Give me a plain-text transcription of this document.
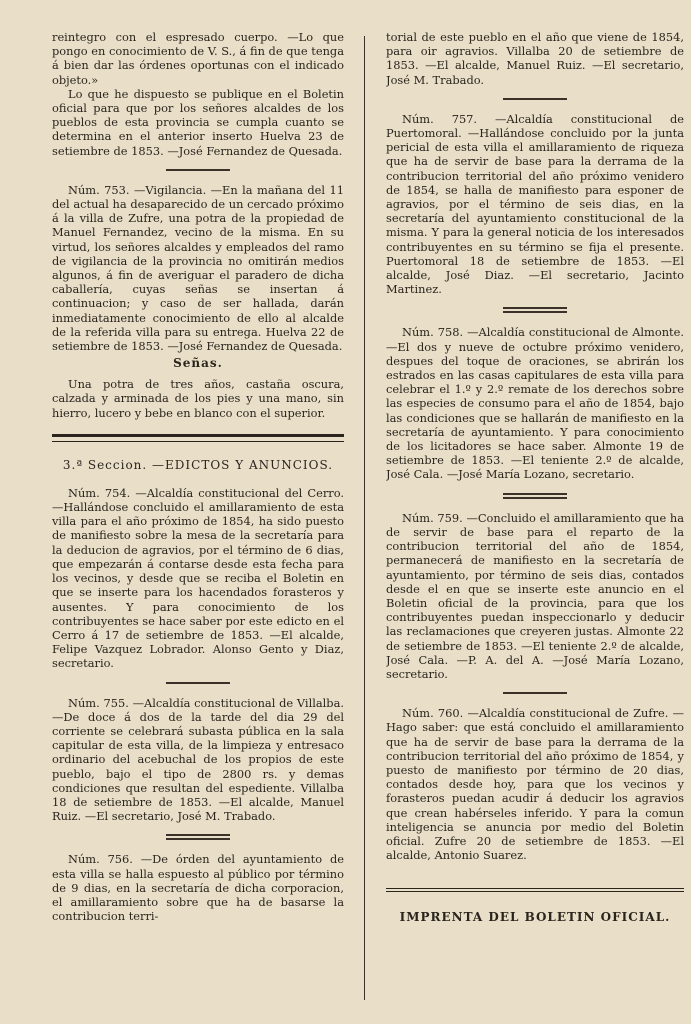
reintegro con el espresado cuerpo. —Lo que pongo en conocimiento de V. S., á fin de que tenga á bien dar las órdenes oportunas con el indicado objeto.»

Lo que he dispuesto se publique en el Boletin oficial para que por los señores alcaldes de los pueblos de esta provincia se cumpla cuanto se determina en el anterior inserto Huelva 23 de setiembre de 1853. —José Fernandez de Quesada.

Núm. 753. —Vigilancia. —En la mañana del 11 del actual ha desaparecido de un cercado próximo á la villa de Zufre, una potra de la propiedad de Manuel Fernandez, vecino de la misma. En su virtud, los señores alcaldes y empleados del ramo de vigilancia de la provincia no omitirán medios algunos, á fin de averiguar el paradero de dicha caballería, cuyas señas se insertan á continuacion; y caso de ser hallada, darán inmediatamente conocimiento de ello al alcalde de la referida villa para su entrega. Huelva 22 de setiembre de 1853. —José Fernandez de Quesada.

Señas.

Una potra de tres años, castaña oscura, calzada y arminada de los pies y una mano, sin hierro, lucero y bebe en blanco con el superior.

3.ª Seccion. —EDICTOS Y ANUNCIOS.

Núm. 754. —Alcaldía constitucional del Cerro. —Hallándose concluido el amillaramiento de esta villa para el año próximo de 1854, ha sido puesto de manifiesto sobre la mesa de la secretaría para la deducion de agravios, por el término de 6 dias, que empezarán á contarse desde esta fecha para los vecinos, y desde que se reciba el Boletin en que se inserte para los hacendados forasteros y ausentes. Y para conocimiento de los contribuyentes se hace saber por este edicto en el Cerro á 17 de setiembre de 1853. —El alcalde, Felipe Vazquez Lobrador. Alonso Gento y Diaz, secretario.

Núm. 755. —Alcaldía constitucional de Villalba. —De doce á dos de la tarde del dia 29 del corriente se celebrará subasta pública en la sala capitular de esta villa, de la limpieza y entresaco ordinario del acebuchal de los propios de este pueblo, bajo el tipo de 2800 rs. y demas condiciones que resultan del espediente. Villalba 18 de setiembre de 1853. —El alcalde, Manuel Ruiz. —El secretario, José M. Trabado.

Núm. 756. —De órden del ayuntamiento de esta villa se halla espuesto al público por término de 9 dias, en la secretaría de dicha corporacion, el amillaramiento sobre que ha de basarse la contribucion terri-

torial de este pueblo en el año que viene de 1854, para oir agravios. Villalba 20 de setiembre de 1853. —El alcalde, Manuel Ruiz. —El secretario, José M. Trabado.

Núm. 757. —Alcaldía constitucional de Puertomoral. —Hallándose concluido por la junta pericial de esta villa el amillaramiento de riqueza que ha de servir de base para la derrama de la contribucion territorial del año próximo venidero de 1854, se halla de manifiesto para esponer de agravios, por el término de seis dias, en la secretaría del ayuntamiento constitucional de la misma. Y para la general noticia de los interesados contribuyentes en su término se fija el presente. Puertomoral 18 de setiembre de 1853. —El alcalde, José Diaz. —El secretario, Jacinto Martinez.

Núm. 758. —Alcaldía constitucional de Almonte. —El dos y nueve de octubre próximo venidero, despues del toque de oraciones, se abrirán los estrados en las casas capitulares de esta villa para celebrar el 1.º y 2.º remate de los derechos sobre las especies de consumo para el año de 1854, bajo las condiciones que se hallarán de manifiesto en la secretaría de ayuntamiento. Y para conocimiento de los licitadores se hace saber. Almonte 19 de setiembre de 1853. —El teniente 2.º de alcalde, José Cala. —José María Lozano, secretario.

Núm. 759. —Concluido el amillaramiento que ha de servir de base para el reparto de la contribucion territorial del año de 1854, permanecerá de manifiesto en la secretaría de ayuntamiento, por término de seis dias, contados desde el en que se inserte este anuncio en el Boletin oficial de la provincia, para que los contribuyentes puedan inspeccionarlo y deducir las reclamaciones que creyeren justas. Almonte 22 de setiembre de 1853. —El teniente 2.º de alcalde, José Cala. —P. A. del A. —José María Lozano, secretario.

Núm. 760. —Alcaldía constitucional de Zufre. —Hago saber: que está concluido el amillaramiento que ha de servir de base para la derrama de la contribucion territorial del año próximo de 1854, y puesto de manifiesto por término de 20 dias, contados desde hoy, para que los vecinos y forasteros puedan acudir á deducir los agravios que crean habérseles inferido. Y para la comun inteligencia se anuncia por medio del Boletin oficial. Zufre 20 de setiembre de 1853. —El alcalde, Antonio Suarez.

IMPRENTA DEL BOLETIN OFICIAL.
